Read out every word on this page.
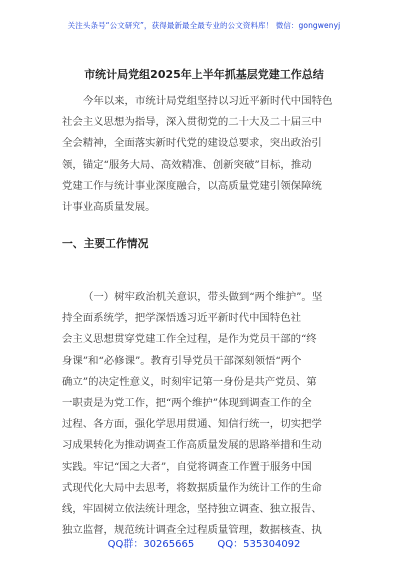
关注头条号“公文研究”，获得最新最全最专业的公文资料库！ 微信：gongwenyj
市统计局党组2025年上半年抓基层党建工作总结
今年以来，市统计局党组坚持以习近平新时代中国特色
社会主义思想为指导，深入贯彻党的二十大及二十届三中
全会精神，全面落实新时代党的建设总要求，突出政治引
领，锚定“服务大局、高效精准、创新突破”目标，推动
党建工作与统计事业深度融合，以高质量党建引领保障统
计事业高质量发展。
一、主要工作情况
（一）树牢政治机关意识，带头做到“两个维护”。坚
持全面系统学，把学深悟透习近平新时代中国特色社
会主义思想贯穿党建工作全过程，是作为党员干部的“终
身课”和“必修课”。教育引导党员干部深刻领悟“两个
确立”的决定性意义，时刻牢记第一身份是共产党员、第
一职责是为党工作，把“两个维护”体现到调查工作的全
过程、各方面，强化学思用贯通、知信行统一，切实把学
习成果转化为推动调查工作高质量发展的思路举措和生动
实践。牢记“国之大者”，自觉将调查工作置于服务中国
式现代化大局中去思考，将数据质量作为统计工作的生命
线，牢固树立依法统计理念，坚持独立调查、独立报告、
独立监督，规范统计调查全过程质量管理，数据核查、执
QQ群：30265665 QQ：535304092
